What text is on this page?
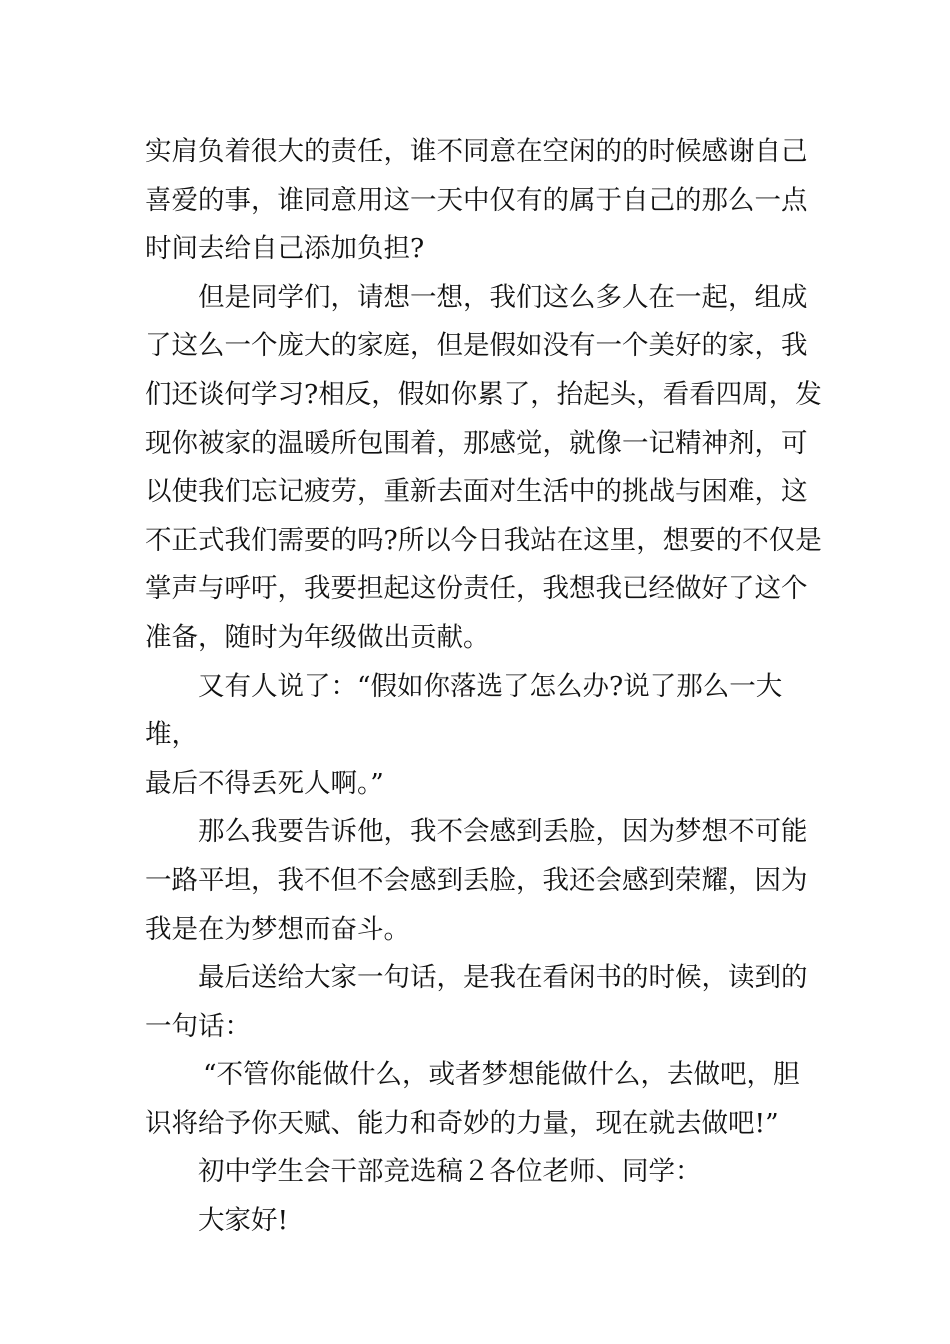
实肩负着很大的责任，谁不同意在空闲的的时候感谢自己
喜爱的事，谁同意用这一天中仅有的属于自己的那么一点
时间去给自己添加负担?

但是同学们，请想一想，我们这么多人在一起，组成
了这么一个庞大的家庭，但是假如没有一个美好的家，我
们还谈何学习?相反，假如你累了，抬起头，看看四周，发
现你被家的温暖所包围着，那感觉，就像一记精神剂，可
以使我们忘记疲劳，重新去面对生活中的挑战与困难，这
不正式我们需要的吗?所以今日我站在这里，想要的不仅是
掌声与呼吁，我要担起这份责任，我想我已经做好了这个
准备，随时为年级做出贡献。

又有人说了：“假如你落选了怎么办?说了那么一大堆，
最后不得丢死人啊。”

那么我要告诉他，我不会感到丢脸，因为梦想不可能
一路平坦，我不但不会感到丢脸，我还会感到荣耀，因为
我是在为梦想而奋斗。

最后送给大家一句话，是我在看闲书的时候，读到的
一句话：

“不管你能做什么，或者梦想能做什么，去做吧，胆
识将给予你天赋、能力和奇妙的力量，现在就去做吧!”

初中学生会干部竞选稿２各位老师、同学：

大家好!
